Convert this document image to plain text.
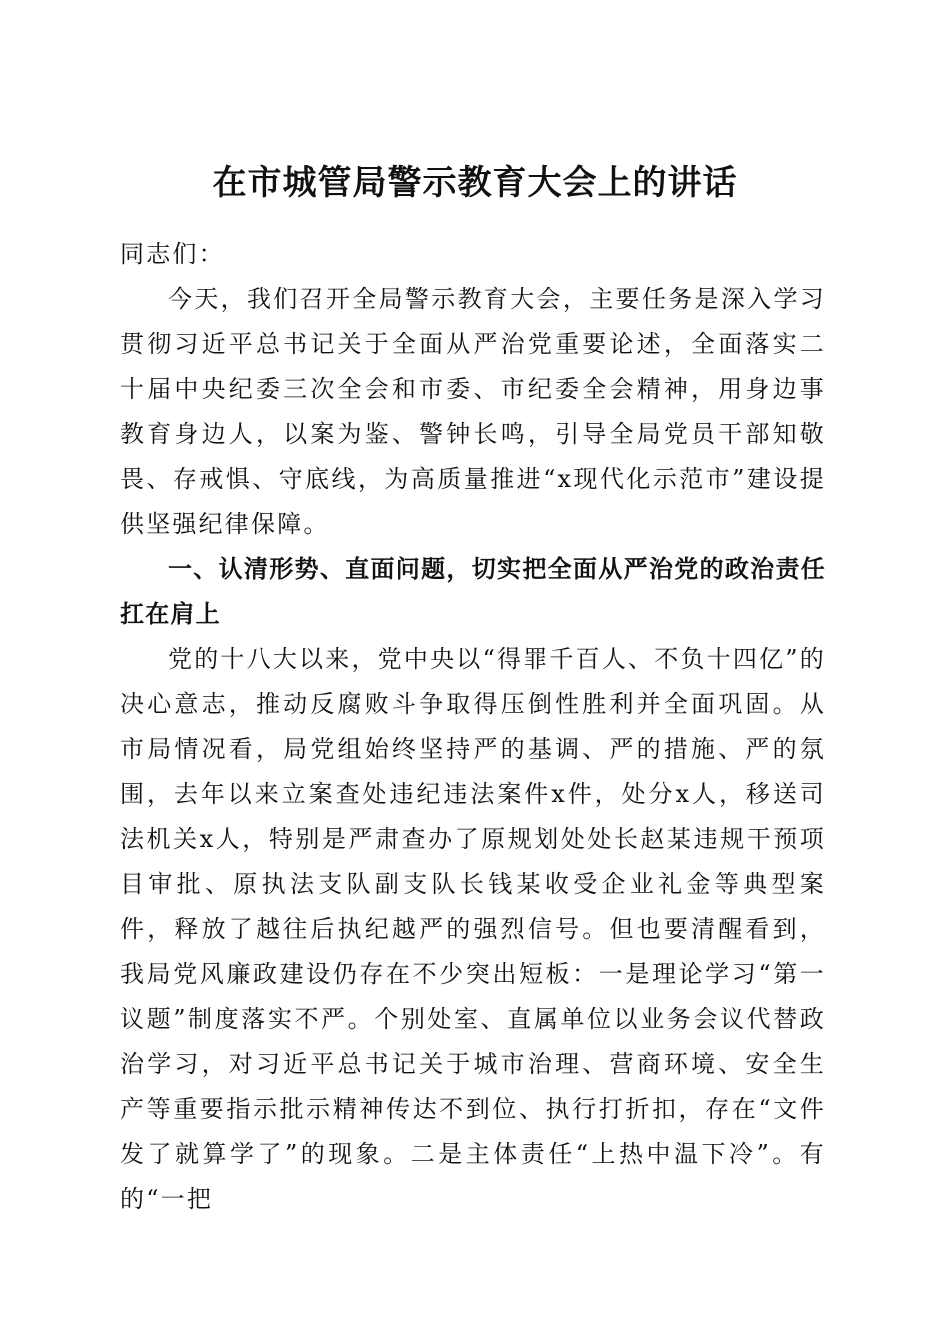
在市城管局警示教育大会上的讲话

同志们：

今天，我们召开全局警示教育大会，主要任务是深入学习贯彻习近平总书记关于全面从严治党重要论述，全面落实二十届中央纪委三次全会和市委、市纪委全会精神，用身边事教育身边人，以案为鉴、警钟长鸣，引导全局党员干部知敬畏、存戒惧、守底线，为高质量推进“x现代化示范市”建设提供坚强纪律保障。

一、认清形势、直面问题，切实把全面从严治党的政治责任扛在肩上

党的十八大以来，党中央以“得罪千百人、不负十四亿”的决心意志，推动反腐败斗争取得压倒性胜利并全面巩固。从市局情况看，局党组始终坚持严的基调、严的措施、严的氛围，去年以来立案查处违纪违法案件x件，处分x人，移送司法机关x人，特别是严肃查办了原规划处处长赵某违规干预项目审批、原执法支队副支队长钱某收受企业礼金等典型案件，释放了越往后执纪越严的强烈信号。但也要清醒看到，我局党风廉政建设仍存在不少突出短板：一是理论学习“第一议题”制度落实不严。个别处室、直属单位以业务会议代替政治学习，对习近平总书记关于城市治理、营商环境、安全生产等重要指示批示精神传达不到位、执行打折扣，存在“文件发了就算学了”的现象。二是主体责任“上热中温下冷”。有的“一把
